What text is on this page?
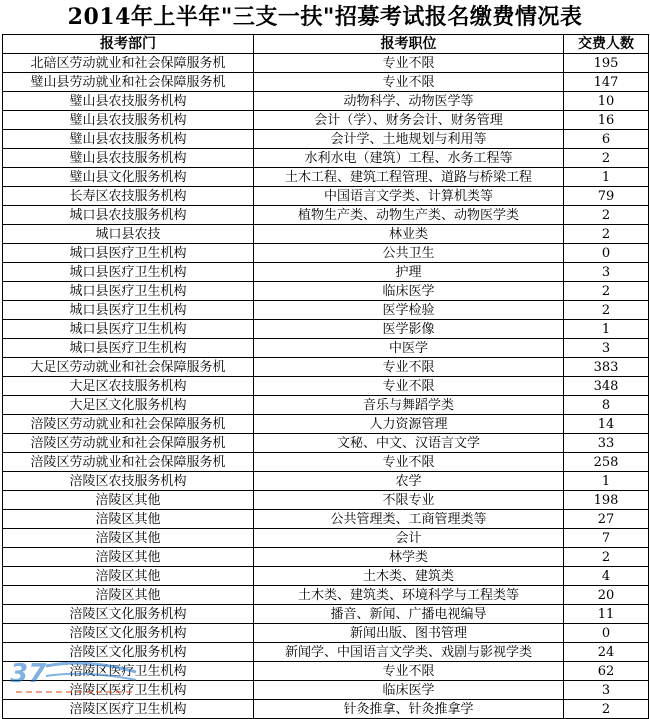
2014年上半年"三支一扶"招募考试报名缴费情况表
报考部门	报考职位	交费人数
北碚区劳动就业和社会保障服务机	专业不限	195
璧山县劳动就业和社会保障服务机	专业不限	147
璧山县农技服务机构	动物科学、动物医学等	10
璧山县农技服务机构	会计（学）、财务会计、财务管理	16
璧山县农技服务机构	会计学、土地规划与利用等	6
璧山县农技服务机构	水利水电（建筑）工程、水务工程等	2
璧山县文化服务机构	土木工程、建筑工程管理、道路与桥梁工程	1
长寿区农技服务机构	中国语言文学类、计算机类等	79
城口县农技服务机构	植物生产类、动物生产类、动物医学类	2
城口县农技	林业类	2
城口县医疗卫生机构	公共卫生	0
城口县医疗卫生机构	护理	3
城口县医疗卫生机构	临床医学	2
城口县医疗卫生机构	医学检验	2
城口县医疗卫生机构	医学影像	1
城口县医疗卫生机构	中医学	3
大足区劳动就业和社会保障服务机	专业不限	383
大足区农技服务机构	专业不限	348
大足区文化服务机构	音乐与舞蹈学类	8
涪陵区劳动就业和社会保障服务机	人力资源管理	14
涪陵区劳动就业和社会保障服务机	文秘、中文、汉语言文学	33
涪陵区劳动就业和社会保障服务机	专业不限	258
涪陵区农技服务机构	农学	1
涪陵区其他	不限专业	198
涪陵区其他	公共管理类、工商管理类等	27
涪陵区其他	会计	7
涪陵区其他	林学类	2
涪陵区其他	土木类、建筑类	4
涪陵区其他	土木类、建筑类、环境科学与工程类等	20
涪陵区文化服务机构	播音、新闻、广播电视编导	11
涪陵区文化服务机构	新闻出版、图书管理	0
涪陵区文化服务机构	新闻学、中国语言文学类、戏剧与影视学类	24
涪陵区医疗卫生机构	专业不限	62
涪陵区医疗卫生机构	临床医学	3
涪陵区医疗卫生机构	针灸推拿、针灸推拿学	2
37
